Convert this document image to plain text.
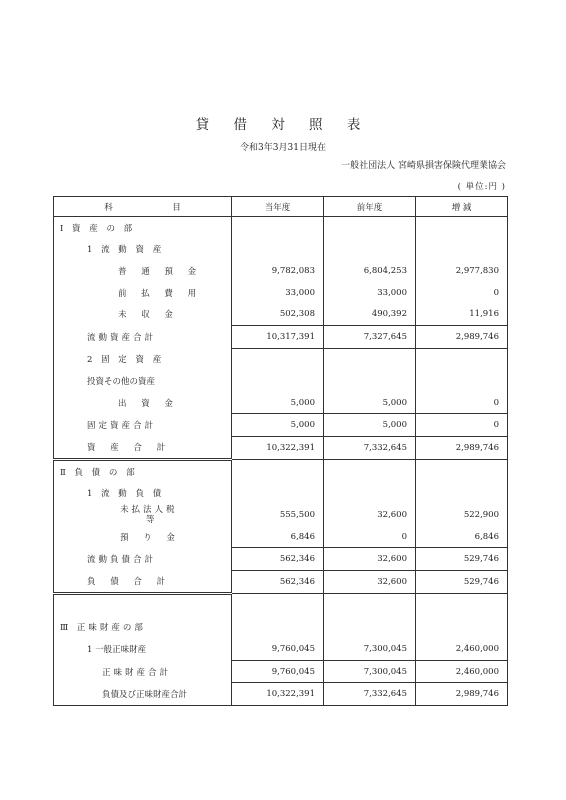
貸 借 対 照 表
令和3年3月31日現在
一般社団法人 宮崎県損害保険代理業協会
( 単位:円 )
科　　　　　　　目	当年度	前年度	増 減
Ⅰ 資 産 の 部			
1 流 動 資 産			
普 通 預 金	9,782,083	6,804,253	2,977,830
前 払 費 用	33,000	33,000	0
未 収 金	502,308	490,392	11,916
流動資産合計	10,317,391	7,327,645	2,989,746
2 固 定 資 産			
投資その他の資産			
出 資 金	5,000	5,000	0
固定資産合計	5,000	5,000	0
資 産 合 計	10,322,391	7,332,645	2,989,746
Ⅱ 負 債 の 部			
1 流 動 負 債			
未払法人税
等	555,500	32,600	522,900
預 り 金	6,846	0	6,846
流動負債合計	562,346	32,600	529,746
負 債 合 計	562,346	32,600	529,746

Ⅲ 正味財産の部			
1 一般正味財産	9,760,045	7,300,045	2,460,000
正味財産合計	9,760,045	7,300,045	2,460,000
負債及び正味財産合計	10,322,391	7,332,645	2,989,746
